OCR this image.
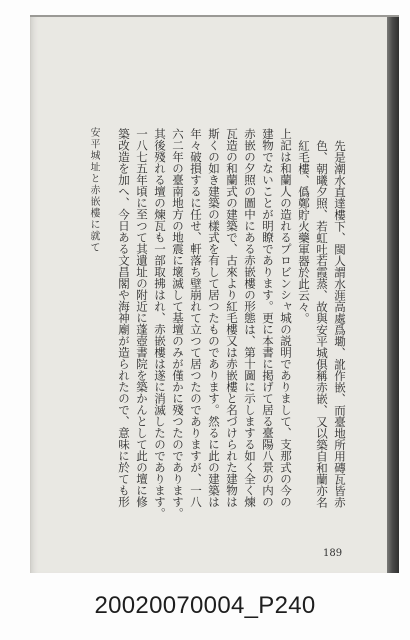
先是潮水直達樓下、閩人謂水涯高處爲墈、訛作嵌、而臺地所用磚瓦皆赤
色、朝曦夕照、若虹吐若霞蒸、故與安平城俱稱赤嵌、又以築自和蘭亦名
紅毛樓、僞鄭貯火藥軍器於此云々。
上記は和蘭人の造れるプロビンシャ城の説明でありまして、支那式の今の
建物でないことが明瞭であります。更に本書に掲げて居る臺陽八景の内の
赤嵌の夕照の圖中にある赤嵌樓の形態は、第十圖に示しまする如く全く煉
瓦造の和蘭式の建築で、古來より紅毛樓又は赤嵌樓と名づけられた建物は
斯くの如き建築の樣式を有して居つたものであります。然るに此の建築は
年々破損するに任せ、軒落ち壁崩れて立つて居つたのでありますが、一八
六二年の臺南地方の地震に壞滅して基壇のみが僅かに殘つたのであります。
其後殘れる壇の煉瓦も一部取拂はれ、赤嵌樓は遂に消滅したのであります。
一八七五年頃に至つて其遺址の附近に蓬壺書院を築かんとして此の壇に修
築改造を加へ、今日ある文昌閣や海神廟が造られたので、意味に於ても形
安平城址と赤嵌樓に就て
189
20020070004_P240
